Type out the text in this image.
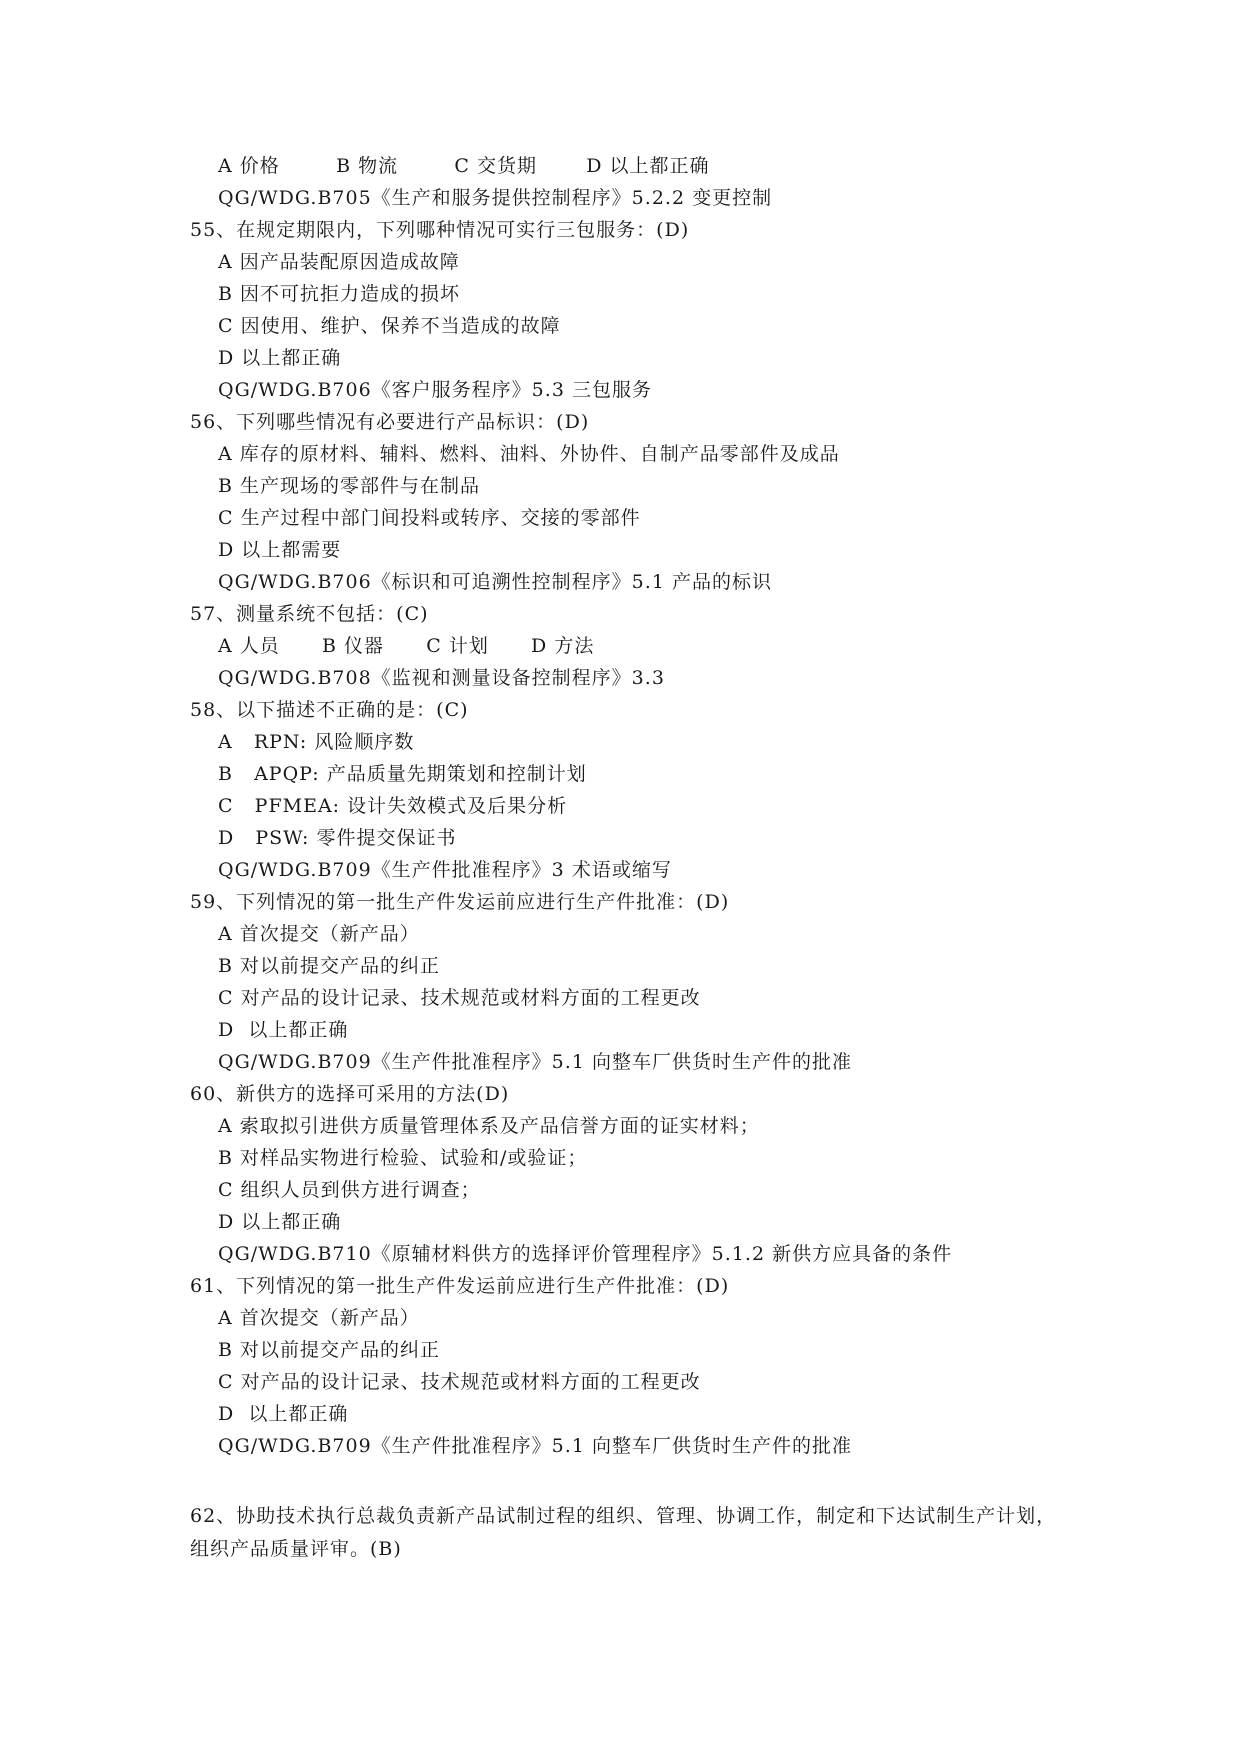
A 价格        B 物流        C 交货期       D 以上都正确
QG/WDG.B705《生产和服务提供控制程序》5.2.2 变更控制
55、在规定期限内，下列哪种情况可实行三包服务：(D)
A 因产品装配原因造成故障
B 因不可抗拒力造成的损坏
C 因使用、维护、保养不当造成的故障
D 以上都正确
QG/WDG.B706《客户服务程序》5.3 三包服务
56、下列哪些情况有必要进行产品标识：(D)
A 库存的原材料、辅料、燃料、油料、外协件、自制产品零部件及成品
B 生产现场的零部件与在制品
C 生产过程中部门间投料或转序、交接的零部件
D 以上都需要
QG/WDG.B706《标识和可追溯性控制程序》5.1 产品的标识
57、测量系统不包括：(C)
A 人员      B 仪器      C 计划      D 方法
QG/WDG.B708《监视和测量设备控制程序》3.3
58、以下描述不正确的是：(C)
A   RPN: 风险顺序数
B   APQP: 产品质量先期策划和控制计划
C   PFMEA: 设计失效模式及后果分析
D   PSW: 零件提交保证书
QG/WDG.B709《生产件批准程序》3 术语或缩写
59、下列情况的第一批生产件发运前应进行生产件批准：(D)
A 首次提交（新产品）
B 对以前提交产品的纠正
C 对产品的设计记录、技术规范或材料方面的工程更改
D  以上都正确
QG/WDG.B709《生产件批准程序》5.1 向整车厂供货时生产件的批准
60、新供方的选择可采用的方法(D)
A 索取拟引进供方质量管理体系及产品信誉方面的证实材料；
B 对样品实物进行检验、试验和/或验证；
C 组织人员到供方进行调查；
D 以上都正确
QG/WDG.B710《原辅材料供方的选择评价管理程序》5.1.2 新供方应具备的条件
61、下列情况的第一批生产件发运前应进行生产件批准：(D)
A 首次提交（新产品）
B 对以前提交产品的纠正
C 对产品的设计记录、技术规范或材料方面的工程更改
D  以上都正确
QG/WDG.B709《生产件批准程序》5.1 向整车厂供货时生产件的批准
62、协助技术执行总裁负责新产品试制过程的组织、管理、协调工作，制定和下达试制生产计划，组织产品质量评审。(B)
